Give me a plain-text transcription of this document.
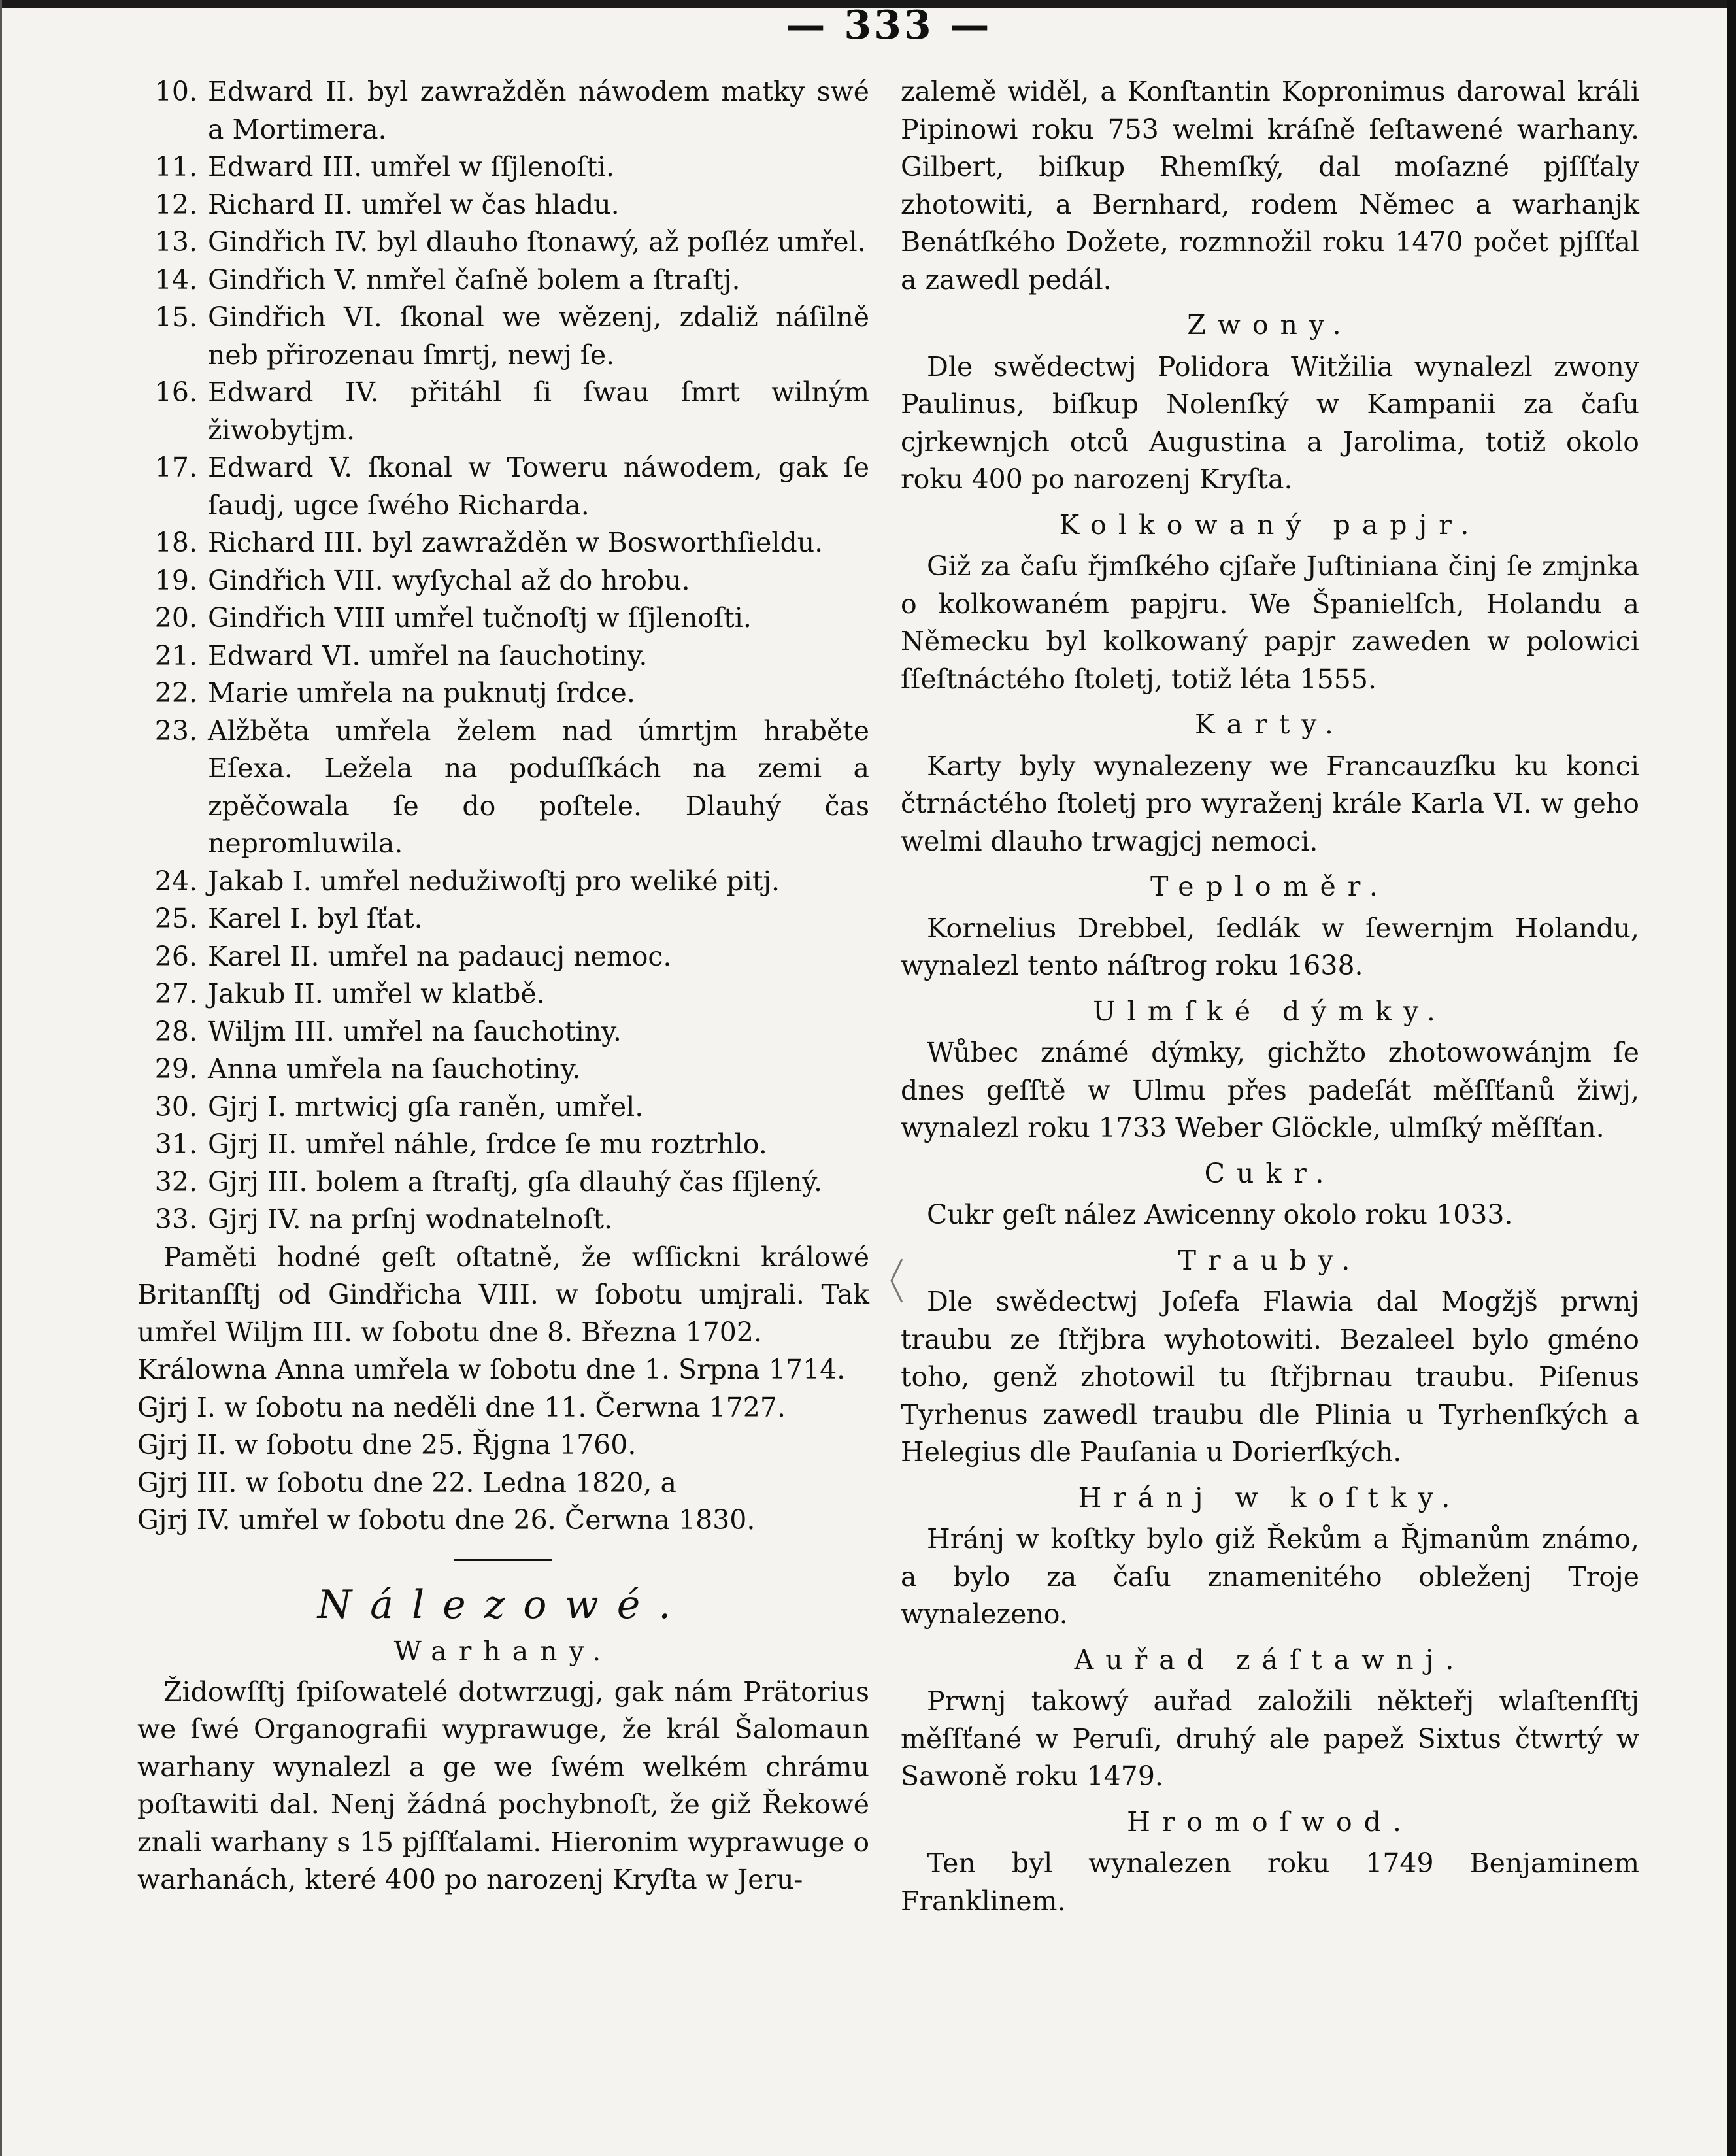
— 333 —
10. Edward II. byl zawražděn náwodem matky swé a Mortimera.
11. Edward III. umřel w ſſjlenoſti.
12. Richard II. umřel w čas hladu.
13. Gindřich IV. byl dlauho ſtonawý, až poſléz umřel.
14. Gindřich V. nmřel čaſně bolem a ſtraſtj.
15. Gindřich VI. ſkonal we wězenj, zdaliž náſilně neb přirozenau ſmrtj, newj ſe.
16. Edward IV. přitáhl ſi ſwau ſmrt wilným žiwobytjm.
17. Edward V. ſkonal w Toweru náwodem, gak ſe ſaudj, ugce ſwého Richarda.
18. Richard III. byl zawražděn w Bosworthſieldu.
19. Gindřich VII. wyſychal až do hrobu.
20. Gindřich VIII umřel tučnoſtj w ſſjlenoſti.
21. Edward VI. umřel na ſauchotiny.
22. Marie umřela na puknutj ſrdce.
23. Alžběta umřela želem nad úmrtjm hraběte Eſexa. Ležela na poduſſkách na zemi a zpěčowala ſe do poſtele. Dlauhý čas nepromluwila.
24. Jakab I. umřel nedužiwoſtj pro weliké pitj.
25. Karel I. byl ſťat.
26. Karel II. umřel na padaucj nemoc.
27. Jakub II. umřel w klatbě.
28. Wiljm III. umřel na ſauchotiny.
29. Anna umřela na ſauchotiny.
30. Gjrj I. mrtwicj gſa raněn, umřel.
31. Gjrj II. umřel náhle, ſrdce ſe mu roztrhlo.
32. Gjrj III. bolem a ſtraſtj, gſa dlauhý čas ſſjlený.
33. Gjrj IV. na prſnj wodnatelnoſt.

Paměti hodné geſt oſtatně, že wſſickni králowé Britanſſtj od Gindřicha VIII. w ſobotu umjrali. Tak umřel Wiljm III. w ſobotu dne 8. Březnа 1702.

Králowna Anna umřela w ſobotu dne 1. Srpna 1714.
Gjrj I. w ſobotu na neděli dne 11. Čerwna 1727.
Gjrj II. w ſobotu dne 25. Řjgna 1760.
Gjrj III. w ſobotu dne 22. Ledna 1820, a
Gjrj IV. umřel w ſobotu dne 26. Čerwna 1830.
Nálezowé.
Warhany.

Židowſſtj ſpiſowatelé dotwrzugj, gak nám Prätorius we ſwé Organografii wyprawuge, že král Šalomaun warhany wynalezl a ge we ſwém welkém chrámu poſtawiti dal. Nenj žádná pochybnoſt, že giž Řekowé znali warhany s 15 pjſſťalami. Hieronim wyprawuge o warhanách, které 400 po narozenj Kryſta w Jeru-

zalemě widěl, a Konſtantin Kopronimus darowal králi Pipinowi roku 753 welmi kráſně ſeſtawené warhany. Gilbert, biſkup Rhemſký, dal moſazné pjſſťaly zhotowiti, a Bernhard, rodem Němec a warhanjk Benátſkého Dožete, rozmnožil roku 1470 počet pjſſťal a zawedl pedál.

Zwony.

Dle swědectwj Polidora Witžilia wynalezl zwony Paulinus, biſkup Nolenſký w Kampanii za čaſu cjrkewnjch otců Augustina a Jarolima, totiž okolo roku 400 po narozenj Kryſta.

Kolkowaný papjr.

Giž za čaſu řjmſkého cjſaře Juſtiniana činj ſe zmjnka o kolkowaném papjru. We Španielſch, Holandu a Německu byl kolkowaný papjr zaweden w polowici ſſeſtnáctého ſtoletj, totiž léta 1555.

Karty.

Karty byly wynalezeny we Francauzſku ku konci čtrnáctého ſtoletj pro wyraženj krále Karla VI. w geho welmi dlauho trwagjcj nemoci.

Teploměr.

Kornelius Drebbel, ſedlák w ſewernjm Holandu, wynalezl tento náſtrog roku 1638.

Ulmſké dýmky.

Wůbec známé dýmky, gichžto zhotowowánjm ſe dnes geſſtě w Ulmu přes padeſát měſſťanů žiwj, wynalezl roku 1733 Weber Glöckle, ulmſký měſſťan.

Cukr.

Cukr geſt nález Awicenny okolo roku 1033.

Trauby.

Dle swědectwj Joſefa Flawia dal Mogžjš prwnj traubu ze ſtřjbra wyhotowiti. Bezaleel bylo gméno toho, genž zhotowil tu ſtřjbrnau traubu. Piſenus Tyrhenus zawedl traubu dle Plinia u Tyrhenſkých a Helegius dle Pauſania u Dorierſkých.

Hránj w koſtky.

Hránj w koſtky bylo giž Řekům a Řjmanům známo, a bylo za čaſu znamenitého obleženj Troje wynalezeno.

Auřad záſtawnj.

Prwnj takowý auřad založili někteřj wlaſtenſſtj měſſťané w Peruſi, druhý ale papež Sixtus čtwrtý w Sawoně roku 1479.

Hromoſwod.

Ten byl wynalezen roku 1749 Benjaminem Franklinem.
